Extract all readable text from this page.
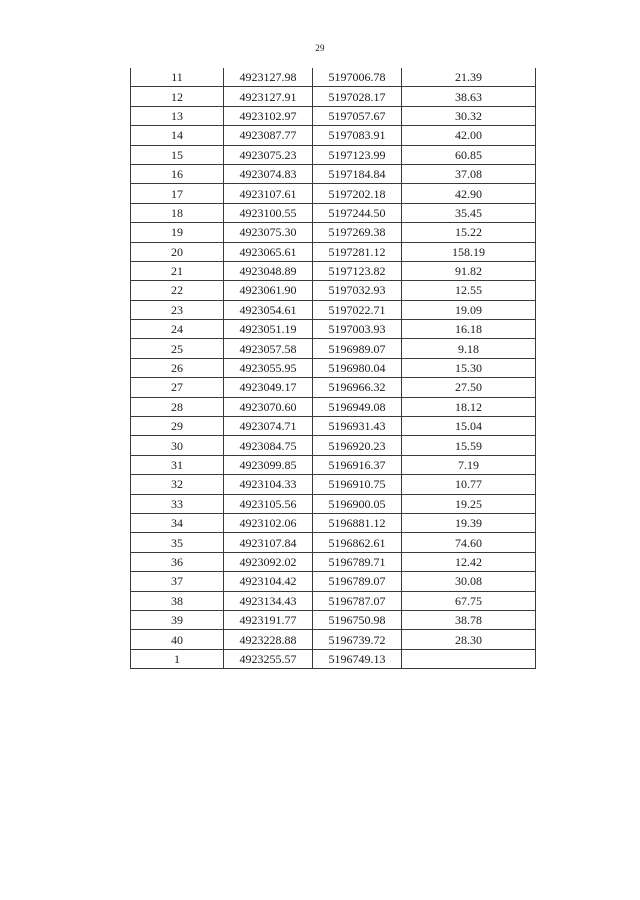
29
11	4923127.98	5197006.78	21.39
12	4923127.91	5197028.17	38.63
13	4923102.97	5197057.67	30.32
14	4923087.77	5197083.91	42.00
15	4923075.23	5197123.99	60.85
16	4923074.83	5197184.84	37.08
17	4923107.61	5197202.18	42.90
18	4923100.55	5197244.50	35.45
19	4923075.30	5197269.38	15.22
20	4923065.61	5197281.12	158.19
21	4923048.89	5197123.82	91.82
22	4923061.90	5197032.93	12.55
23	4923054.61	5197022.71	19.09
24	4923051.19	5197003.93	16.18
25	4923057.58	5196989.07	9.18
26	4923055.95	5196980.04	15.30
27	4923049.17	5196966.32	27.50
28	4923070.60	5196949.08	18.12
29	4923074.71	5196931.43	15.04
30	4923084.75	5196920.23	15.59
31	4923099.85	5196916.37	7.19
32	4923104.33	5196910.75	10.77
33	4923105.56	5196900.05	19.25
34	4923102.06	5196881.12	19.39
35	4923107.84	5196862.61	74.60
36	4923092.02	5196789.71	12.42
37	4923104.42	5196789.07	30.08
38	4923134.43	5196787.07	67.75
39	4923191.77	5196750.98	38.78
40	4923228.88	5196739.72	28.30
1	4923255.57	5196749.13	
